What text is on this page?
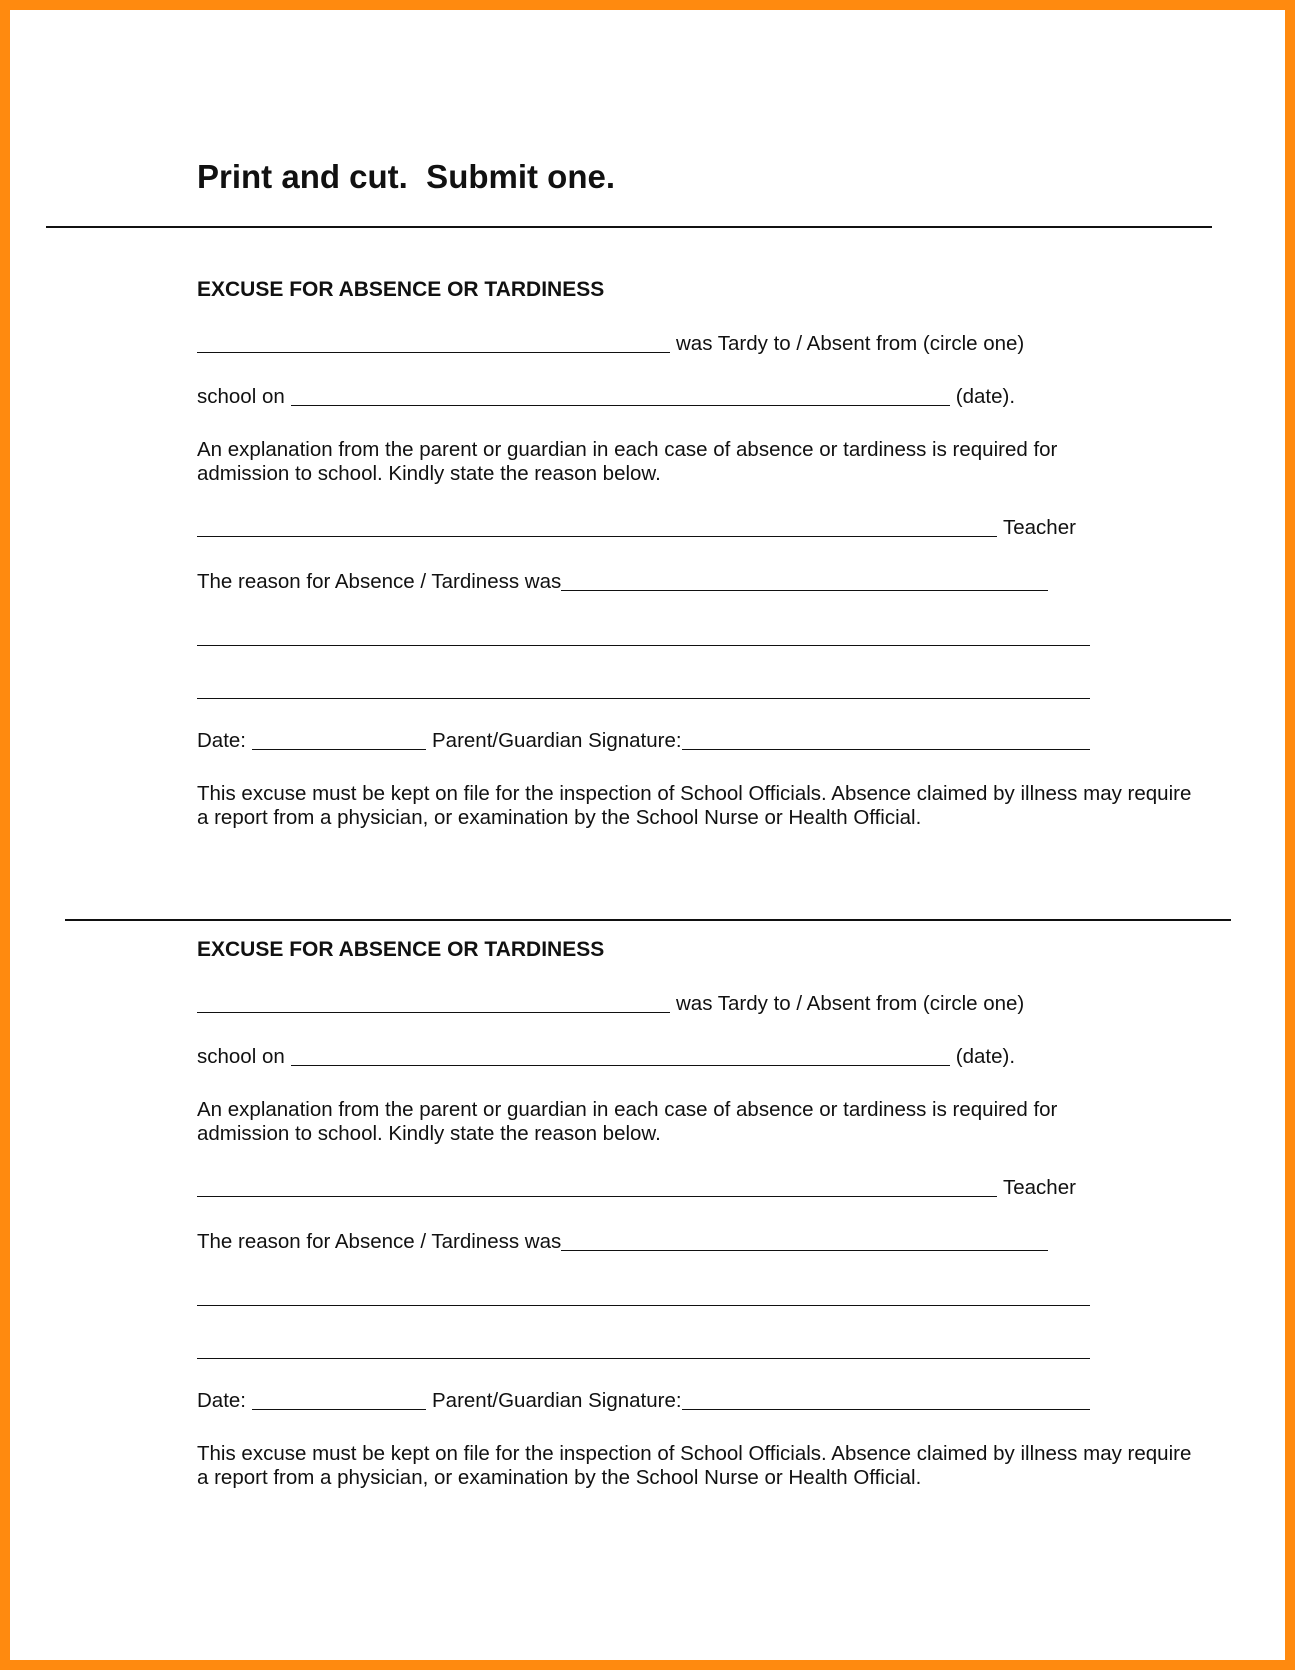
Print and cut.  Submit one.
EXCUSE FOR ABSENCE OR TARDINESS
was Tardy to / Absent from (circle one)
school on	(date).

An explanation from the parent or guardian in each case of absence or tardiness is required for admission to school. Kindly state the reason below.

Teacher
The reason for Absence / Tardiness was
Date:	Parent/Guardian Signature:

This excuse must be kept on file for the inspection of School Officials. Absence claimed by illness may require a report from a physician, or examination by the School Nurse or Health Official.

EXCUSE FOR ABSENCE OR TARDINESS
was Tardy to / Absent from (circle one)
school on	(date).

An explanation from the parent or guardian in each case of absence or tardiness is required for admission to school. Kindly state the reason below.

Teacher
The reason for Absence / Tardiness was
Date:	Parent/Guardian Signature:

This excuse must be kept on file for the inspection of School Officials. Absence claimed by illness may require a report from a physician, or examination by the School Nurse or Health Official.
